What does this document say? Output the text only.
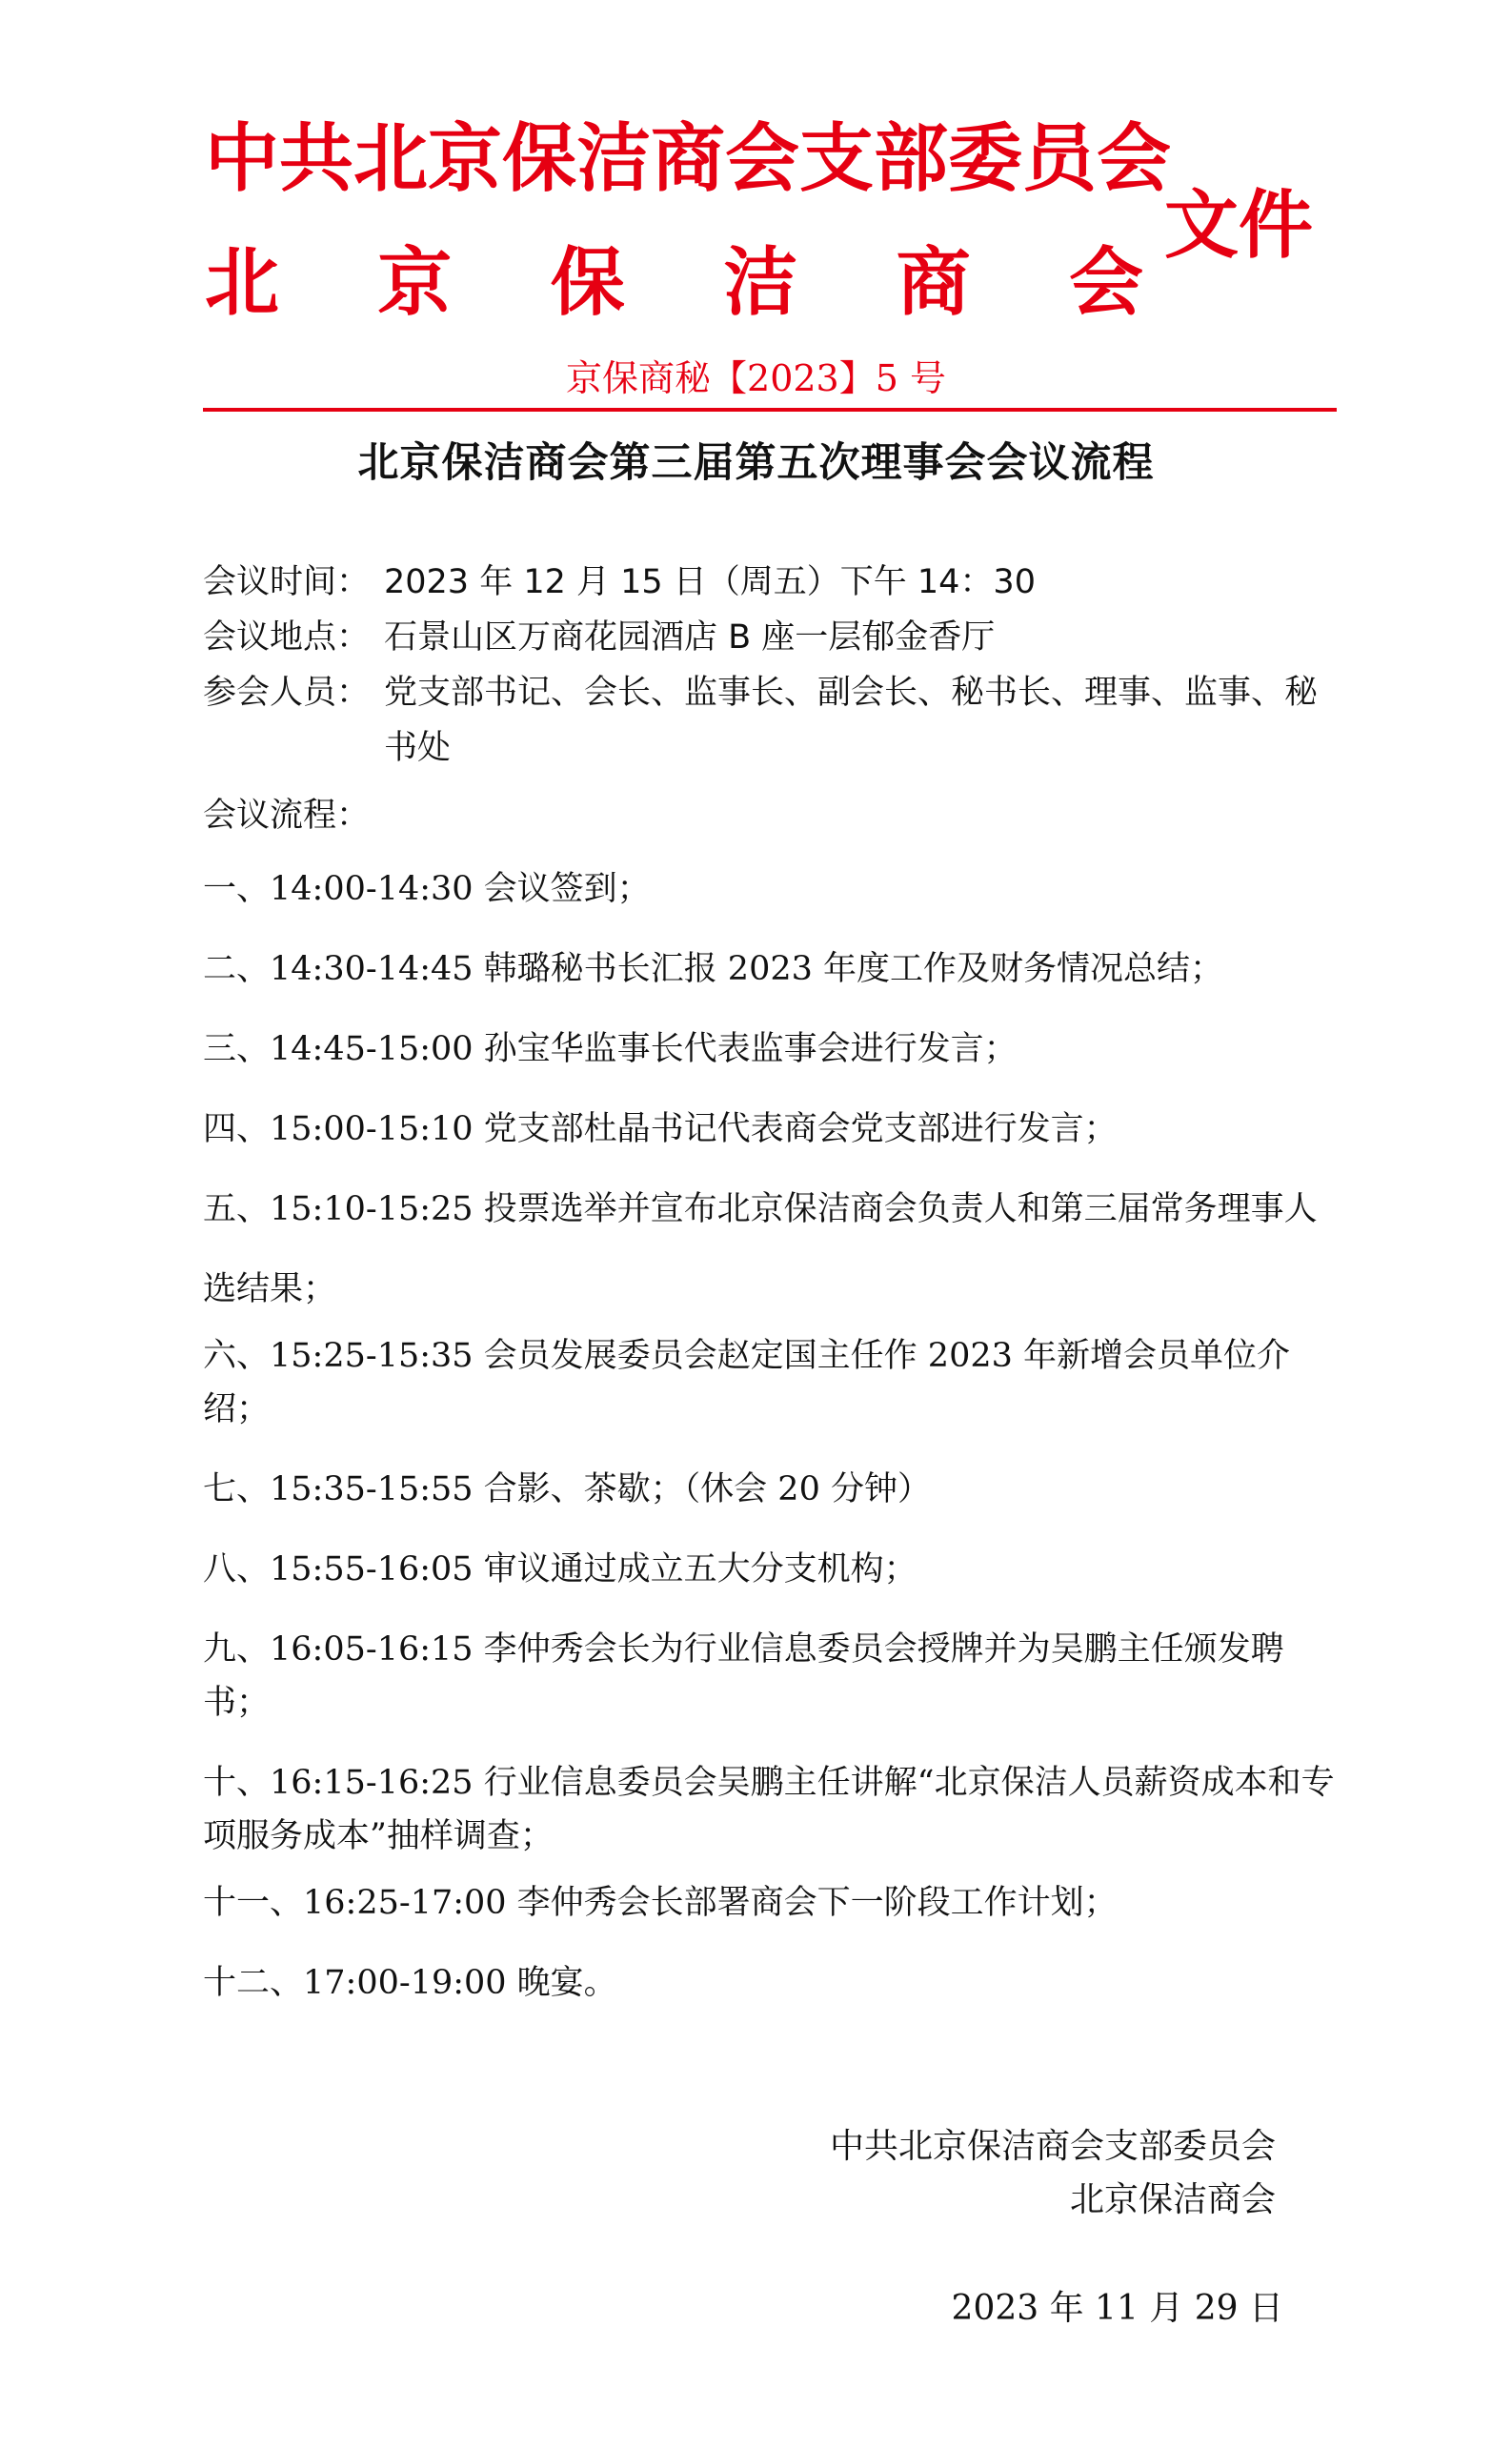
中共北京保洁商会支部委员会
北 京 保 洁 商 会
文件
京保商秘【2023】5 号
北京保洁商会第三届第五次理事会会议流程
会议时间： 2023 年 12 月 15 日（周五）下午 14：30
会议地点： 石景山区万商花园酒店 B 座一层郁金香厅
参会人员： 党支部书记、会长、监事长、副会长、秘书长、理事、监事、秘书处
会议流程：
一、14:00-14:30 会议签到；
二、14:30-14:45 韩璐秘书长汇报 2023 年度工作及财务情况总结；
三、14:45-15:00 孙宝华监事长代表监事会进行发言；
四、15:00-15:10 党支部杜晶书记代表商会党支部进行发言；
五、15:10-15:25 投票选举并宣布北京保洁商会负责人和第三届常务理事人选结果；
六、15:25-15:35 会员发展委员会赵定国主任作 2023 年新增会员单位介绍；
七、15:35-15:55 合影、茶歇；（休会 20 分钟）
八、15:55-16:05 审议通过成立五大分支机构；
九、16:05-16:15 李仲秀会长为行业信息委员会授牌并为吴鹏主任颁发聘书；
十、16:15-16:25 行业信息委员会吴鹏主任讲解“北京保洁人员薪资成本和专项服务成本”抽样调查；
十一、16:25-17:00 李仲秀会长部署商会下一阶段工作计划；
十二、17:00-19:00 晚宴。
中共北京保洁商会支部委员会
北京保洁商会
2023 年 11 月 29 日
